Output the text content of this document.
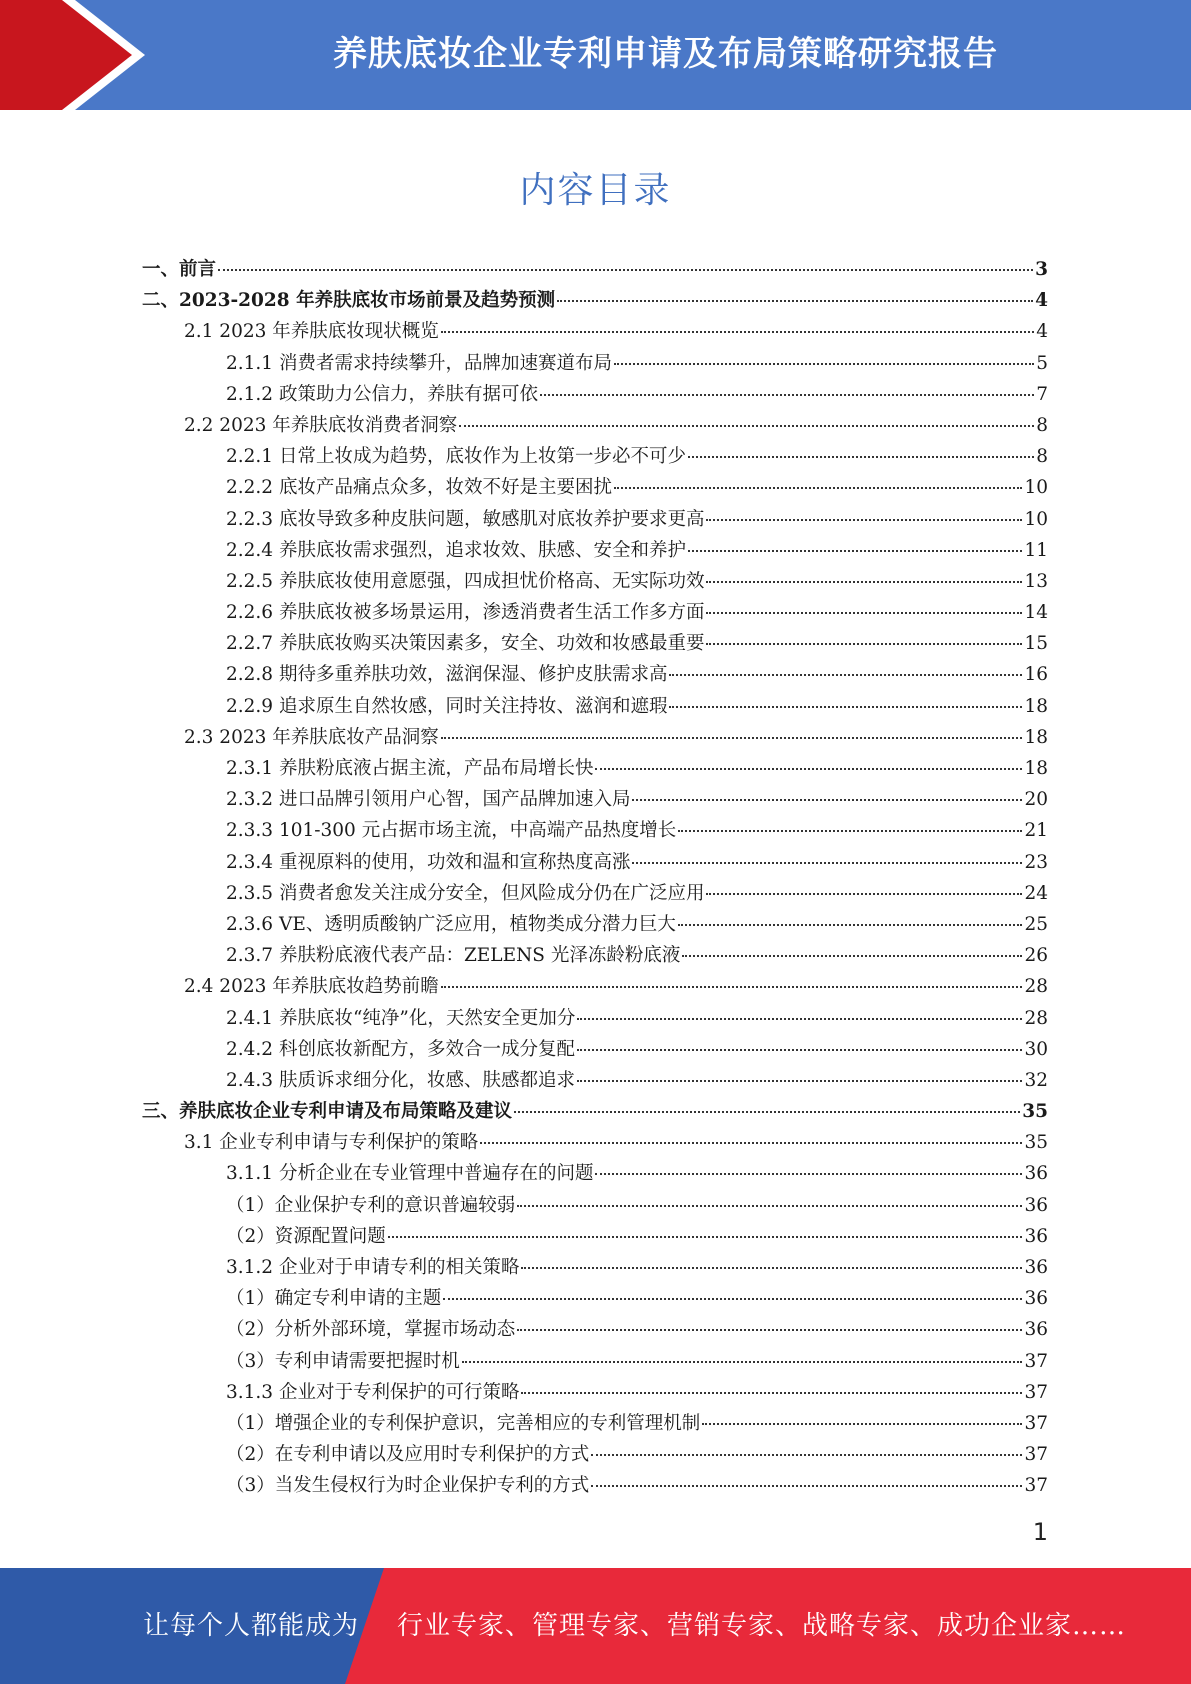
养肤底妆企业专利申请及布局策略研究报告
内容目录
一、前言	3
二、2023-2028 年养肤底妆市场前景及趋势预测	4
2.1 2023 年养肤底妆现状概览	4
2.1.1 消费者需求持续攀升，品牌加速赛道布局	5
2.1.2 政策助力公信力，养肤有据可依	7
2.2 2023 年养肤底妆消费者洞察	8
2.2.1 日常上妆成为趋势，底妆作为上妆第一步必不可少	8
2.2.2 底妆产品痛点众多，妆效不好是主要困扰	10
2.2.3 底妆导致多种皮肤问题，敏感肌对底妆养护要求更高	10
2.2.4 养肤底妆需求强烈，追求妆效、肤感、安全和养护	11
2.2.5 养肤底妆使用意愿强，四成担忧价格高、无实际功效	13
2.2.6 养肤底妆被多场景运用，渗透消费者生活工作多方面	14
2.2.7 养肤底妆购买决策因素多，安全、功效和妆感最重要	15
2.2.8 期待多重养肤功效，滋润保湿、修护皮肤需求高	16
2.2.9 追求原生自然妆感，同时关注持妆、滋润和遮瑕	18
2.3 2023 年养肤底妆产品洞察	18
2.3.1 养肤粉底液占据主流，产品布局增长快	18
2.3.2 进口品牌引领用户心智，国产品牌加速入局	20
2.3.3 101-300 元占据市场主流，中高端产品热度增长	21
2.3.4 重视原料的使用，功效和温和宣称热度高涨	23
2.3.5 消费者愈发关注成分安全，但风险成分仍在广泛应用	24
2.3.6 VE、透明质酸钠广泛应用，植物类成分潜力巨大	25
2.3.7 养肤粉底液代表产品：ZELENS 光泽冻龄粉底液	26
2.4 2023 年养肤底妆趋势前瞻	28
2.4.1 养肤底妆“纯净”化，天然安全更加分	28
2.4.2 科创底妆新配方，多效合一成分复配	30
2.4.3 肤质诉求细分化，妆感、肤感都追求	32
三、养肤底妆企业专利申请及布局策略及建议	35
3.1 企业专利申请与专利保护的策略	35
3.1.1 分析企业在专业管理中普遍存在的问题	36
（1）企业保护专利的意识普遍较弱	36
（2）资源配置问题	36
3.1.2 企业对于申请专利的相关策略	36
（1）确定专利申请的主题	36
（2）分析外部环境，掌握市场动态	36
（3）专利申请需要把握时机	37
3.1.3 企业对于专利保护的可行策略	37
（1）增强企业的专利保护意识，完善相应的专利管理机制	37
（2）在专利申请以及应用时专利保护的方式	37
（3）当发生侵权行为时企业保护专利的方式	37
1
让每个人都能成为 行业专家、管理专家、营销专家、战略专家、成功企业家……
